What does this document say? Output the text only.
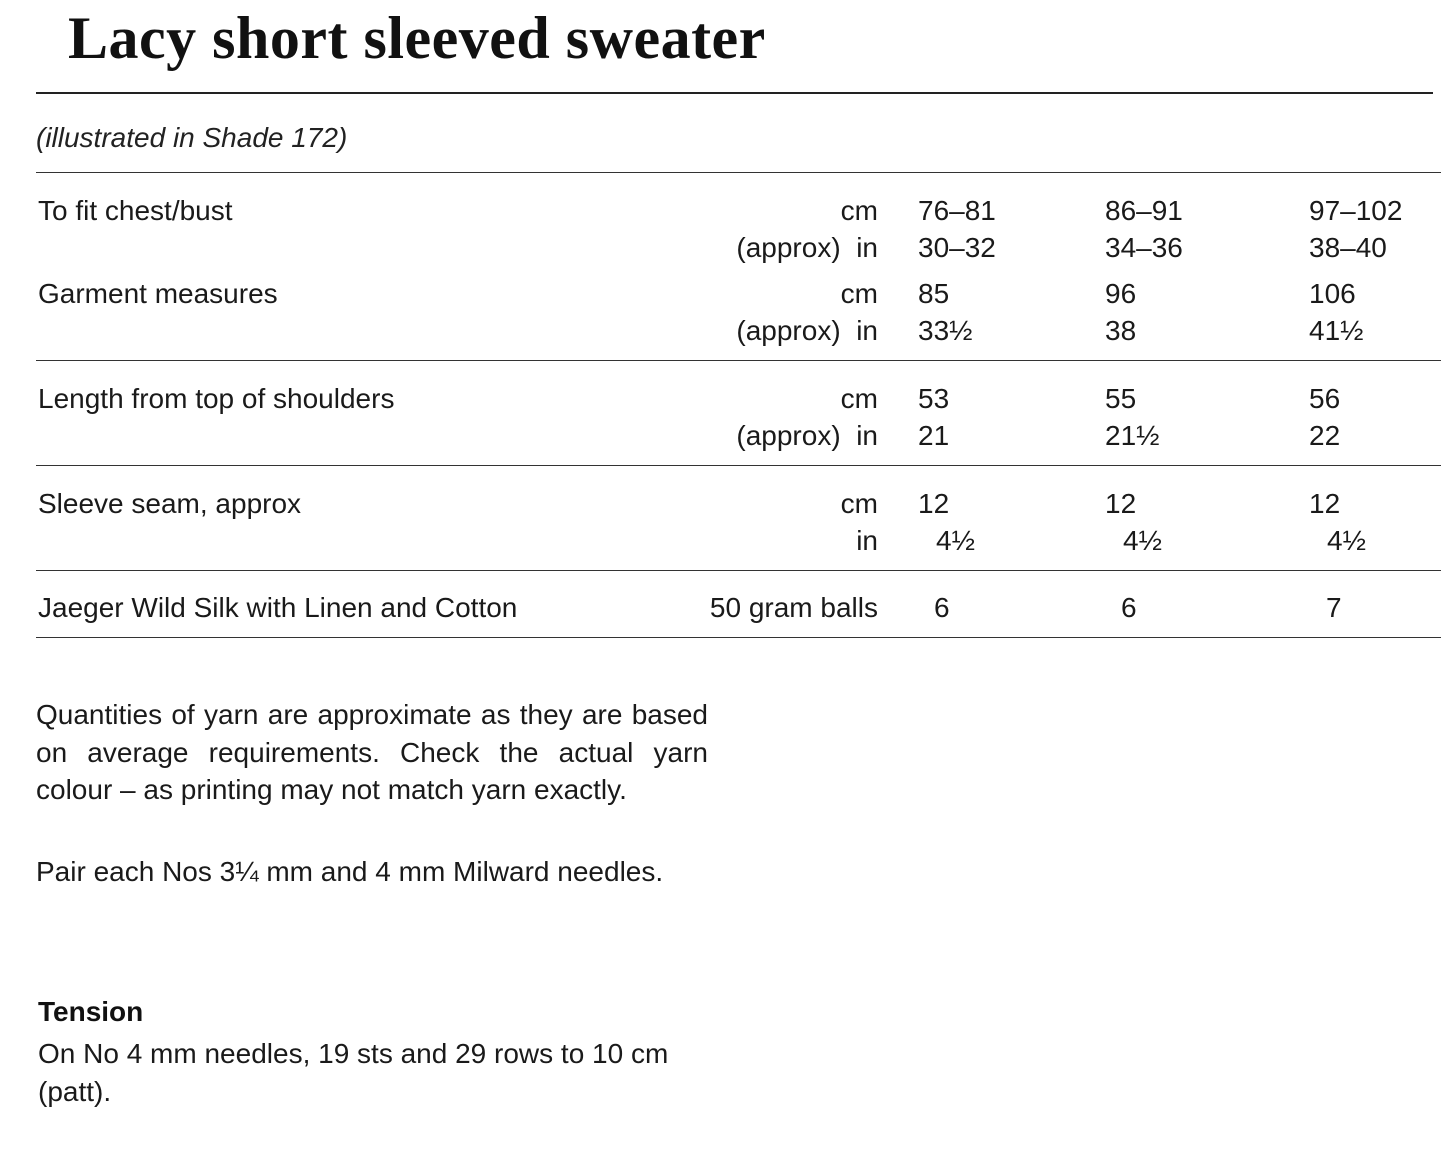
Lacy short sleeved sweater
(illustrated in Shade 172)
To fit chest/bust	cm 76–81	86–91	97–102
(approx)  in 30–32	34–36	38–40
Garment measures	cm 85	96	106
(approx)  in 33½	38	41½
Length from top of shoulders	cm 53	55	56
(approx)  in 21	21½	22
Sleeve seam, approx	cm 12	12	12
in 4½	4½	4½
Jaeger Wild Silk with Linen and Cotton	50 gram balls 6	6	7

Quantities of yarn are approximate as they are based on average requirements. Check the actual yarn colour – as printing may not match yarn exactly.

Pair each Nos 3¼ mm and 4 mm Milward needles.

Tension

On No 4 mm needles, 19 sts and 29 rows to 10 cm (patt).
